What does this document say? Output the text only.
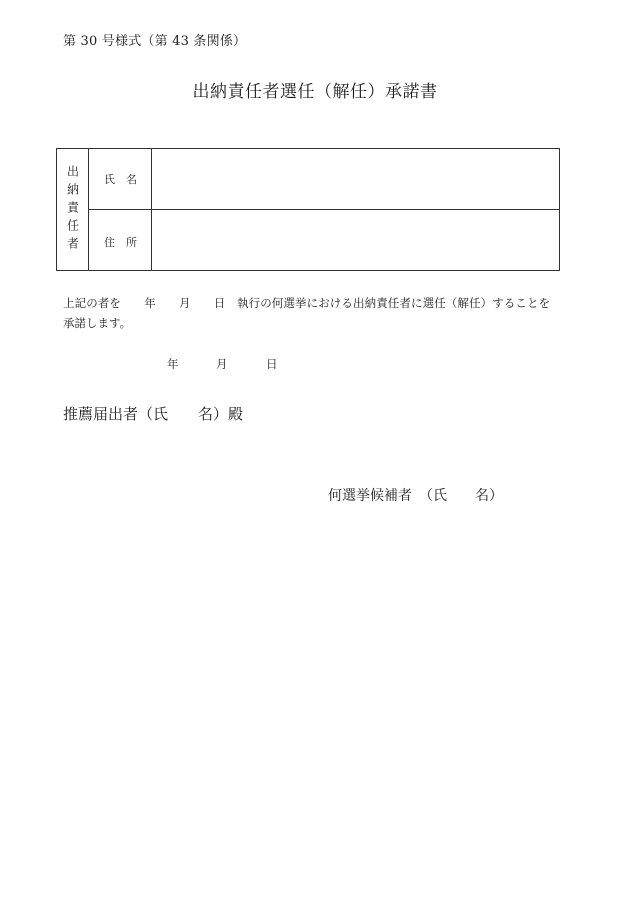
第 30 号様式（第 43 条関係）
出納責任者選任（解任）承諾書
出納責任者	氏　名
住　所
上記の者を　　年　　月　　日　執行の何選挙における出納責任者に選任（解任）することを
承諾します。
年	月	日
推薦届出者（氏　　名）殿
何選挙候補者　（氏　　名）
